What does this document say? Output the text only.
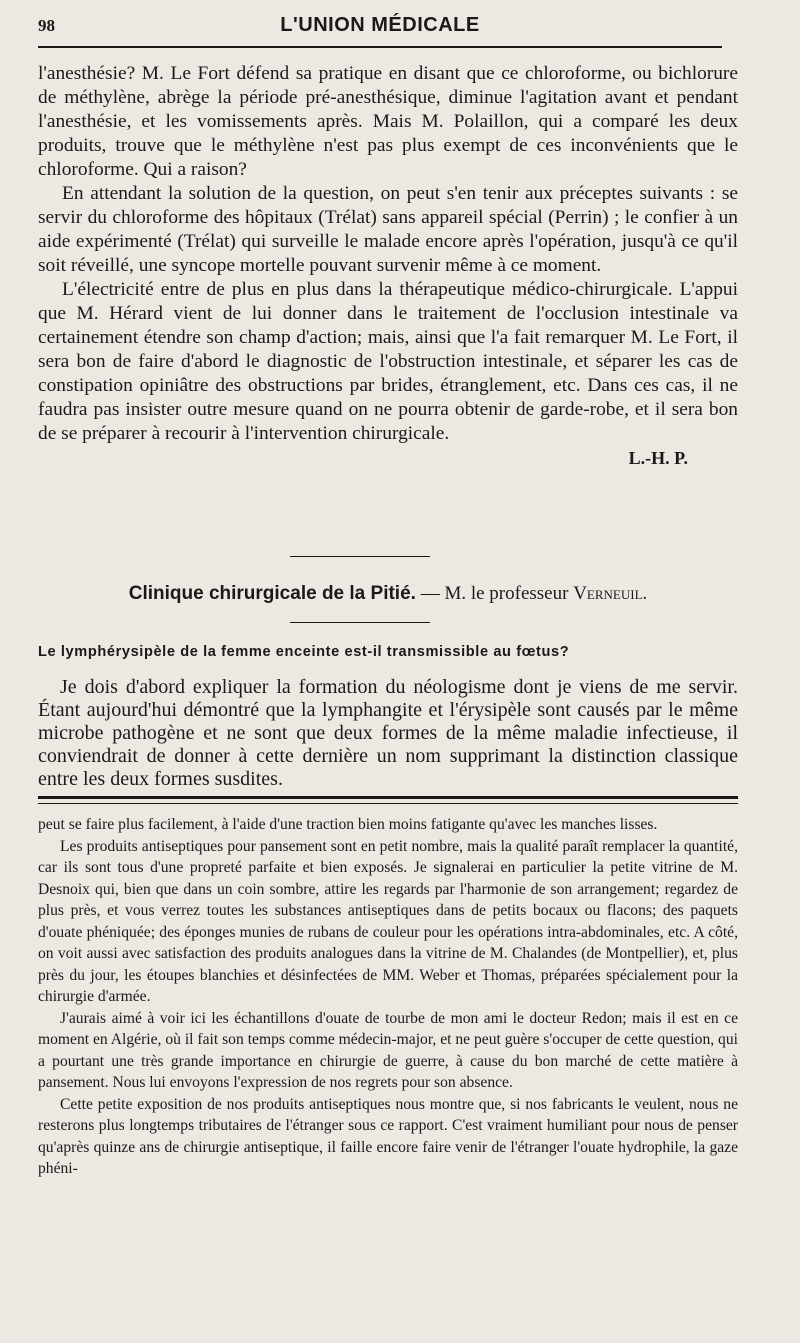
98	L'UNION MÉDICALE

l'anesthésie? M. Le Fort défend sa pratique en disant que ce chloroforme, ou bichlorure de méthylène, abrège la période pré-anesthésique, diminue l'agitation avant et pendant l'anesthésie, et les vomissements après. Mais M. Polaillon, qui a comparé les deux produits, trouve que le méthylène n'est pas plus exempt de ces inconvénients que le chloroforme. Qui a raison?

En attendant la solution de la question, on peut s'en tenir aux préceptes suivants : se servir du chloroforme des hôpitaux (Trélat) sans appareil spécial (Perrin) ; le confier à un aide expérimenté (Trélat) qui surveille le malade encore après l'opération, jusqu'à ce qu'il soit réveillé, une syncope mortelle pouvant survenir même à ce moment.

L'électricité entre de plus en plus dans la thérapeutique médico-chirurgicale. L'appui que M. Hérard vient de lui donner dans le traitement de l'occlusion intestinale va certainement étendre son champ d'action; mais, ainsi que l'a fait remarquer M. Le Fort, il sera bon de faire d'abord le diagnostic de l'obstruction intestinale, et séparer les cas de constipation opiniâtre des obstructions par brides, étranglement, etc. Dans ces cas, il ne faudra pas insister outre mesure quand on ne pourra obtenir de garde-robe, et il sera bon de se préparer à recourir à l'intervention chirurgicale.

L.-H. P.

Clinique chirurgicale de la Pitié. — M. le professeur Verneuil.
Le lymphérysipèle de la femme enceinte est-il transmissible au fœtus?

Je dois d'abord expliquer la formation du néologisme dont je viens de me servir. Étant aujourd'hui démontré que la lymphangite et l'érysipèle sont causés par le même microbe pathogène et ne sont que deux formes de la même maladie infectieuse, il conviendrait de donner à cette dernière un nom supprimant la distinction classique entre les deux formes susdites.

peut se faire plus facilement, à l'aide d'une traction bien moins fatigante qu'avec les manches lisses.

Les produits antiseptiques pour pansement sont en petit nombre, mais la qualité paraît remplacer la quantité, car ils sont tous d'une propreté parfaite et bien exposés. Je signalerai en particulier la petite vitrine de M. Desnoix qui, bien que dans un coin sombre, attire les regards par l'harmonie de son arrangement; regardez de plus près, et vous verrez toutes les substances antiseptiques dans de petits bocaux ou flacons; des paquets d'ouate phéniquée; des éponges munies de rubans de couleur pour les opérations intra-abdominales, etc. A côté, on voit aussi avec satisfaction des produits analogues dans la vitrine de M. Chalandes (de Montpellier), et, plus près du jour, les étoupes blanchies et désinfectées de MM. Weber et Thomas, préparées spécialement pour la chirurgie d'armée.

J'aurais aimé à voir ici les échantillons d'ouate de tourbe de mon ami le docteur Redon; mais il est en ce moment en Algérie, où il fait son temps comme médecin-major, et ne peut guère s'occuper de cette question, qui a pourtant une très grande importance en chirurgie de guerre, à cause du bon marché de cette matière à pansement. Nous lui envoyons l'expression de nos regrets pour son absence.

Cette petite exposition de nos produits antiseptiques nous montre que, si nos fabricants le veulent, nous ne resterons plus longtemps tributaires de l'étranger sous ce rapport. C'est vraiment humiliant pour nous de penser qu'après quinze ans de chirurgie antiseptique, il faille encore faire venir de l'étranger l'ouate hydrophile, la gaze phéni-
